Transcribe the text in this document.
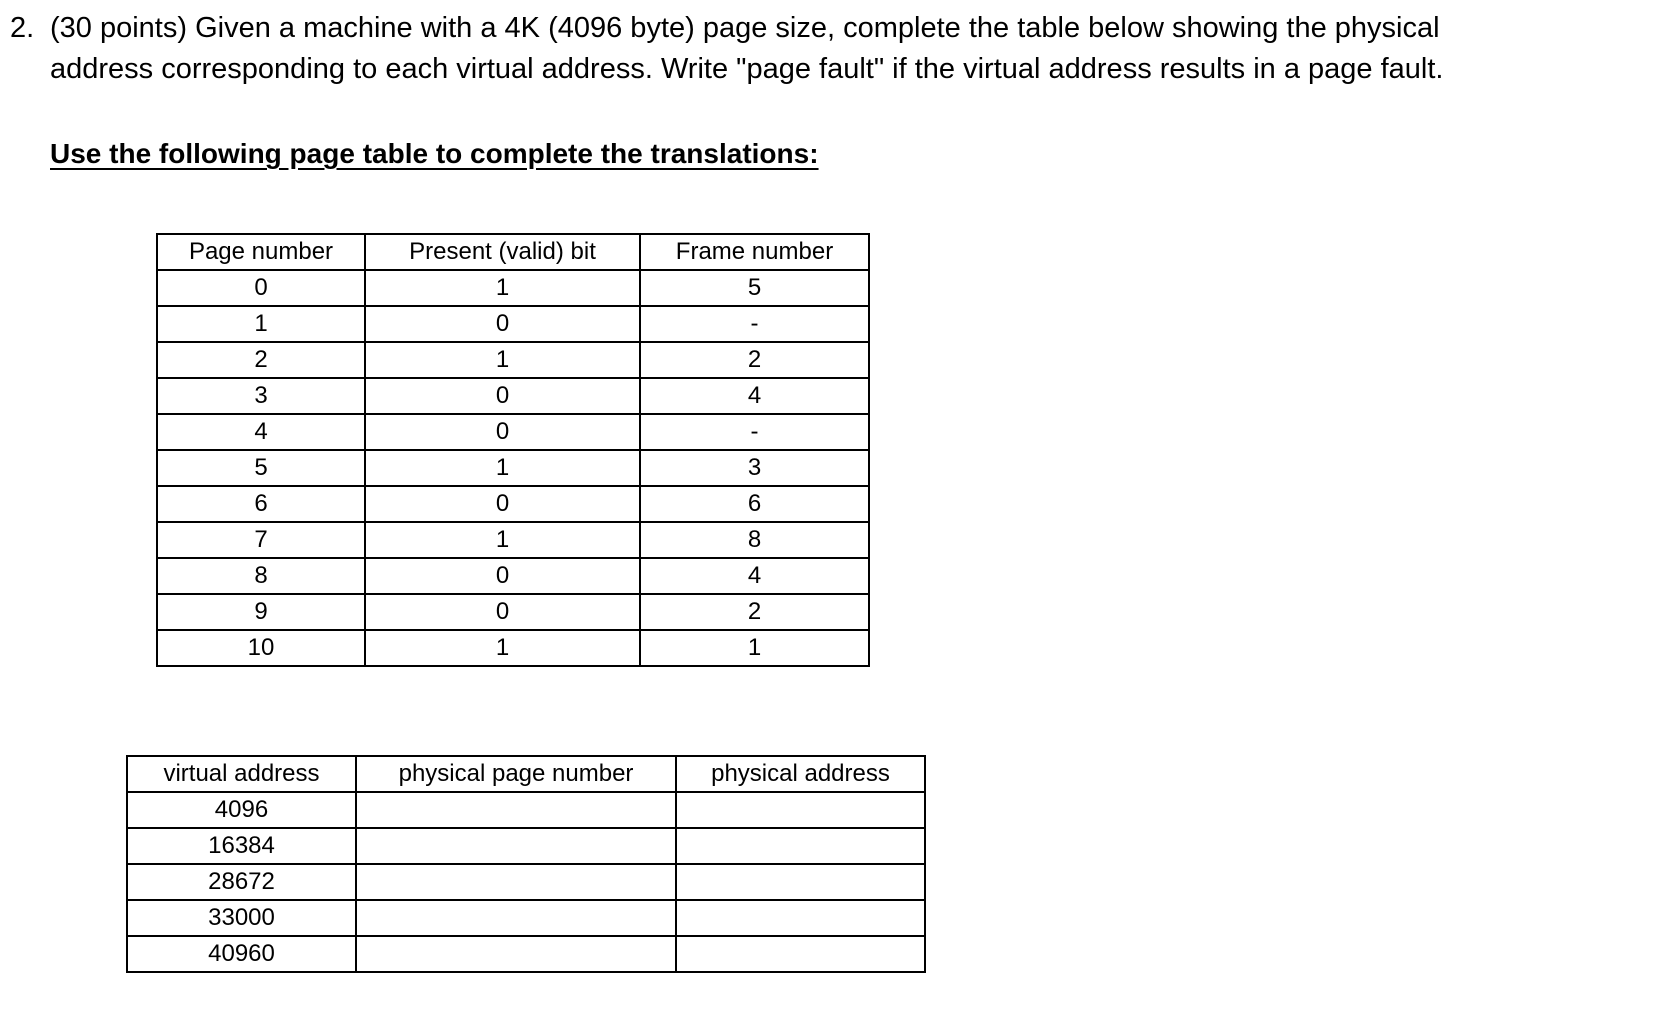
2. (30 points) Given a machine with a 4K (4096 byte) page size, complete the table below showing the physical
address corresponding to each virtual address. Write "page fault" if the virtual address results in a page fault.
Use the following page table to complete the translations:
Page number	Present (valid) bit	Frame number
0	1	5
1	0	-
2	1	2
3	0	4
4	0	-
5	1	3
6	0	6
7	1	8
8	0	4
9	0	2
10	1	1
virtual address	physical page number	physical address
4096		
16384		
28672		
33000		
40960		
